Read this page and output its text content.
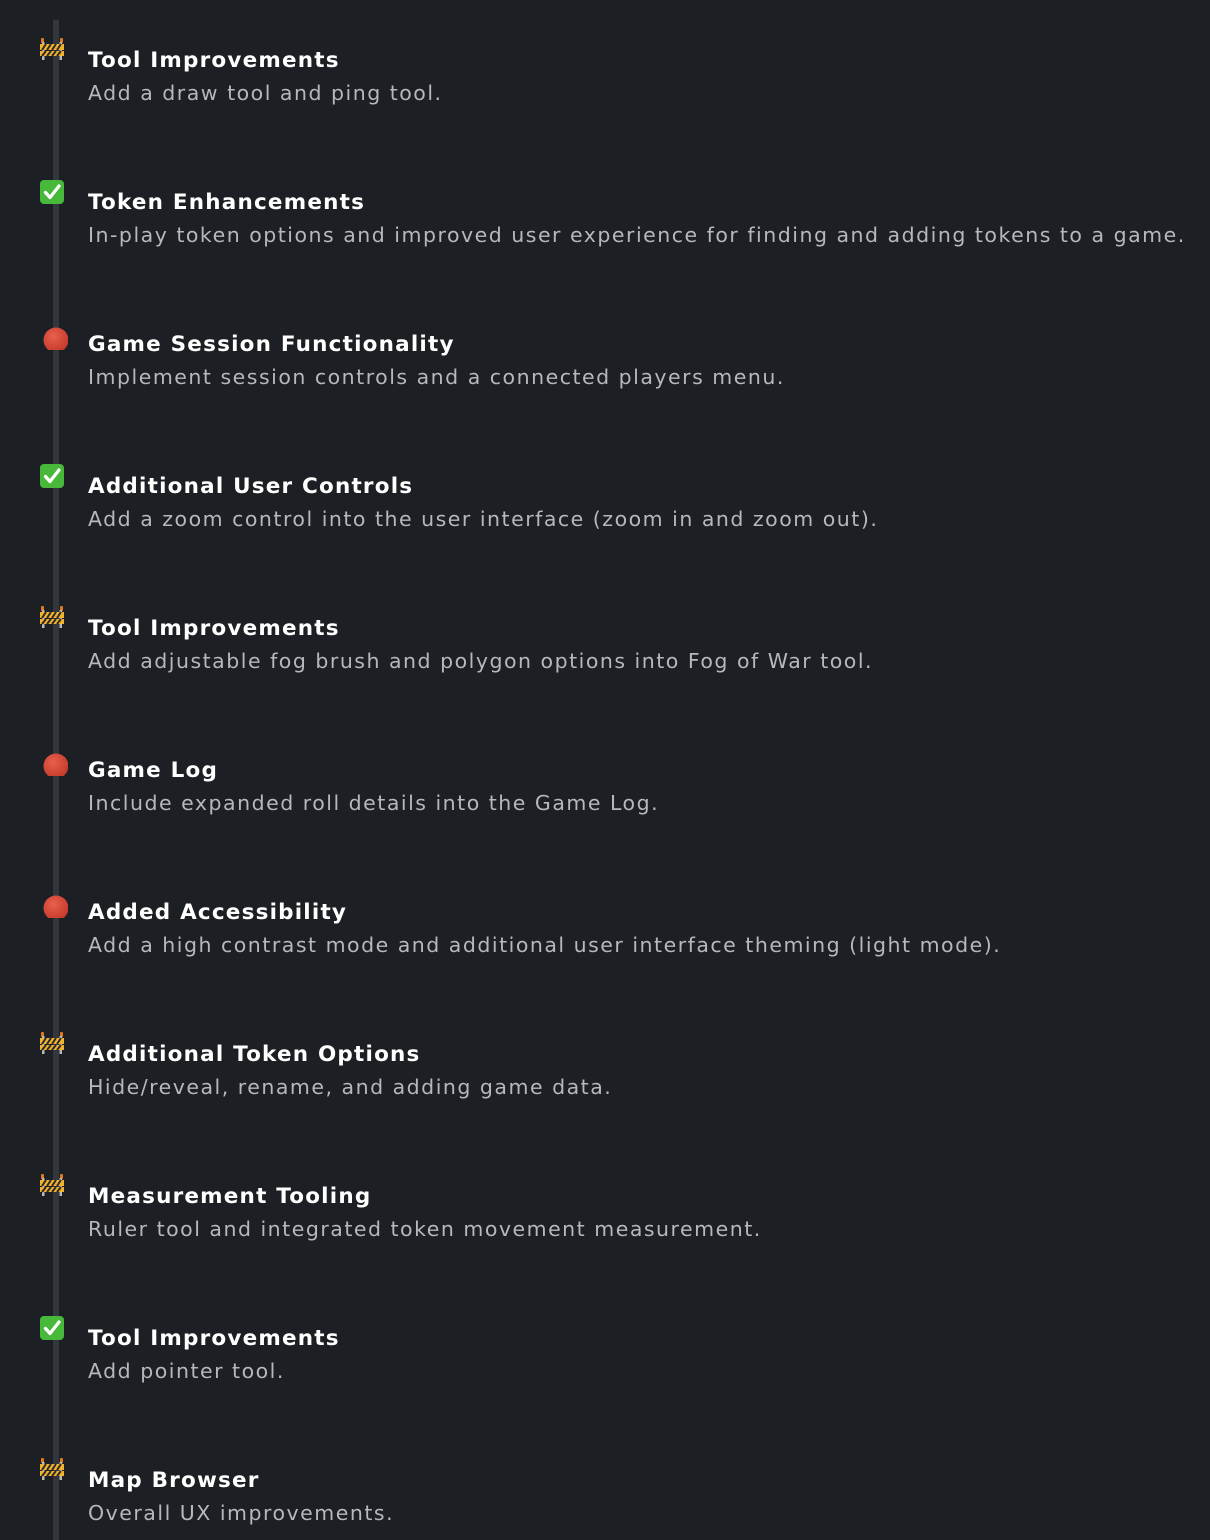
Tool Improvements
Add a draw tool and ping tool.
Token Enhancements
In-play token options and improved user experience for finding and adding tokens to a game.
Game Session Functionality
Implement session controls and a connected players menu.
Additional User Controls
Add a zoom control into the user interface (zoom in and zoom out).
Tool Improvements
Add adjustable fog brush and polygon options into Fog of War tool.
Game Log
Include expanded roll details into the Game Log.
Added Accessibility
Add a high contrast mode and additional user interface theming (light mode).
Additional Token Options
Hide/reveal, rename, and adding game data.
Measurement Tooling
Ruler tool and integrated token movement measurement.
Tool Improvements
Add pointer tool.
Map Browser
Overall UX improvements.
